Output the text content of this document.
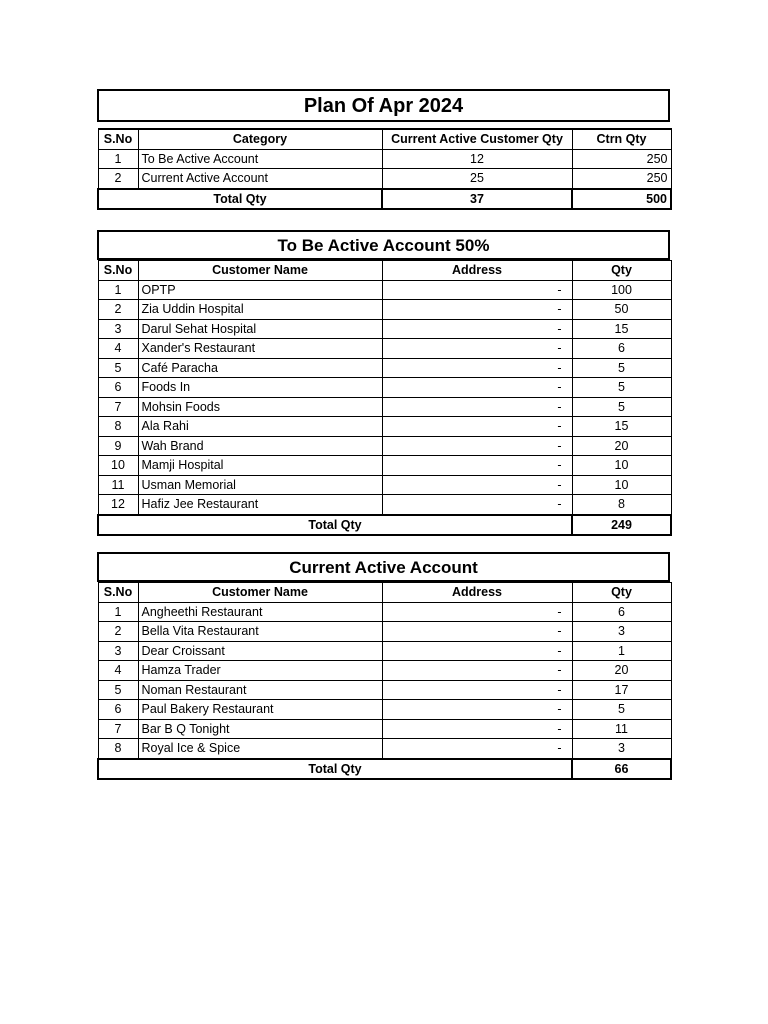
Plan Of Apr 2024
S.No	Category	Current Active Customer Qty	Ctrn Qty
1	To Be Active Account	12	250
2	Current Active Account	25	250
Total Qty		37	500
To Be Active Account 50%
S.No	Customer Name	Address	Qty
1	OPTP	-	100
2	Zia Uddin Hospital	-	50
3	Darul Sehat Hospital	-	15
4	Xander's Restaurant	-	6
5	Café Paracha	-	5
6	Foods In	-	5
7	Mohsin Foods	-	5
8	Ala Rahi	-	15
9	Wah Brand	-	20
10	Mamji Hospital	-	10
11	Usman Memorial	-	10
12	Hafiz Jee Restaurant	-	8
Total Qty			249
Current Active Account
S.No	Customer Name	Address	Qty
1	Angheethi Restaurant	-	6
2	Bella Vita Restaurant	-	3
3	Dear Croissant	-	1
4	Hamza Trader	-	20
5	Noman Restaurant	-	17
6	Paul Bakery Restaurant	-	5
7	Bar B Q Tonight	-	11
8	Royal Ice & Spice	-	3
Total Qty			66
